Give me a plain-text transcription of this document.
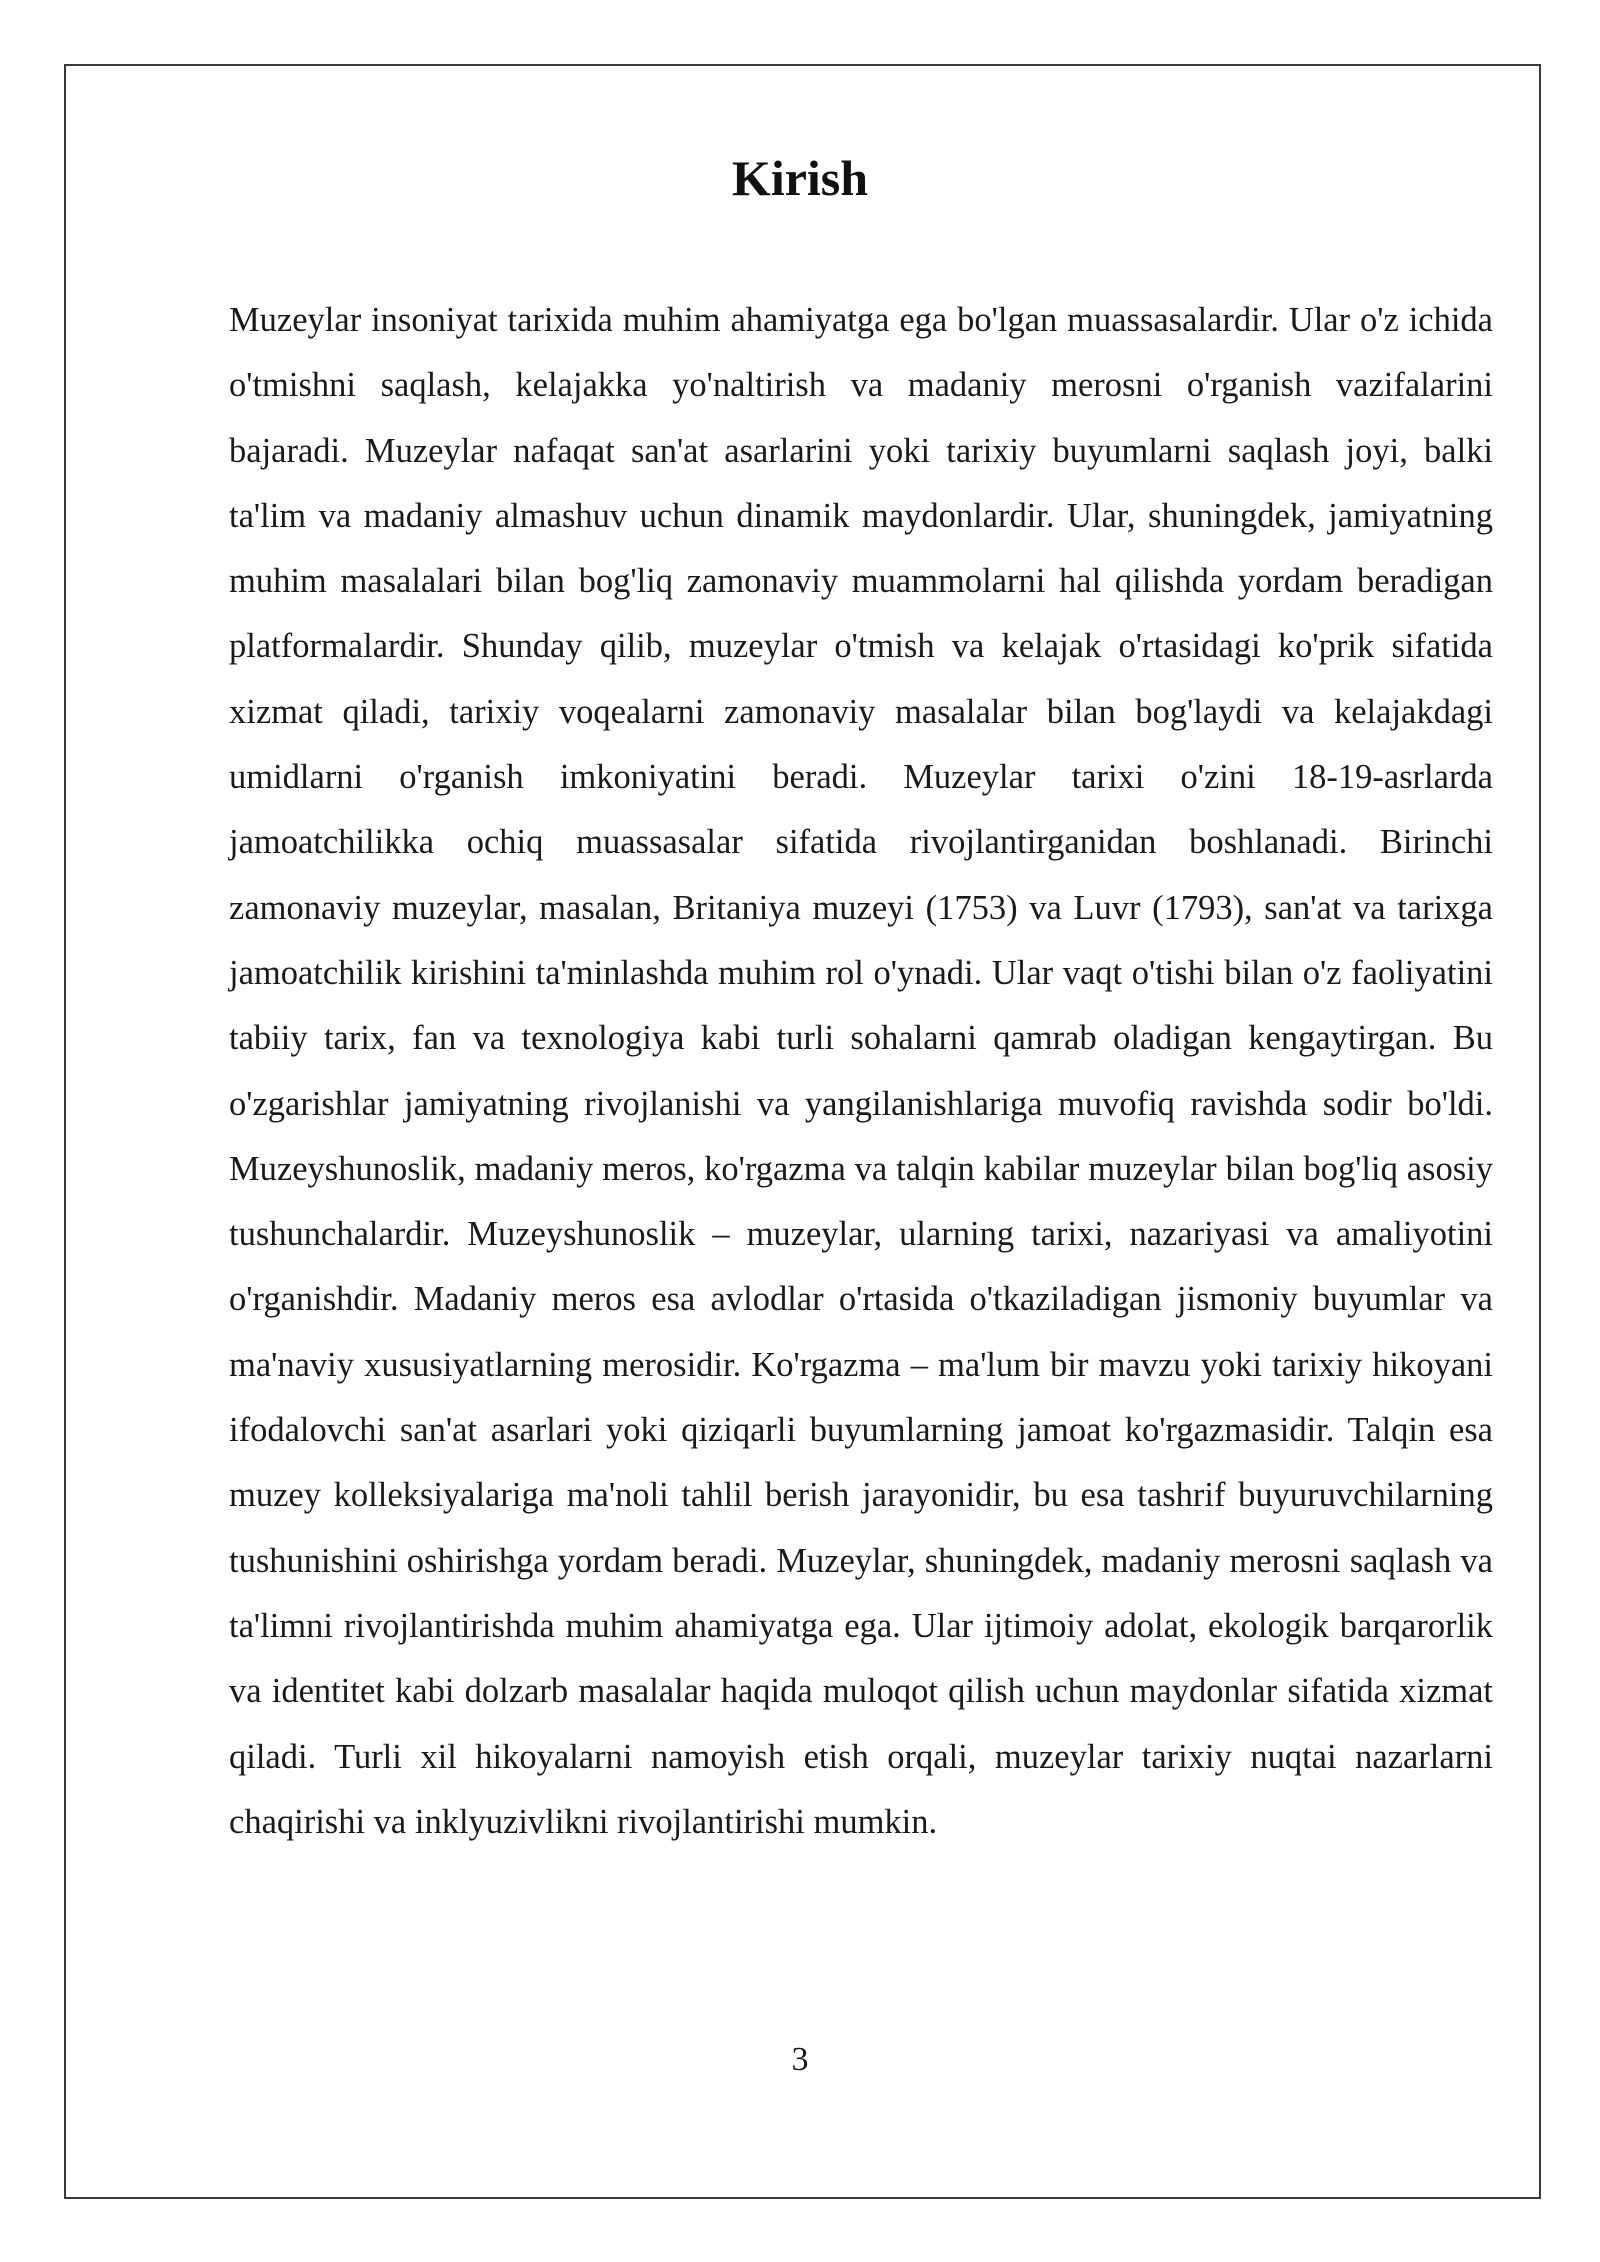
Kirish

Muzeylar insoniyat tarixida muhim ahamiyatga ega bo'lgan muassasalardir. Ular o'z ichida o'tmishni saqlash, kelajakka yo'naltirish va madaniy merosni o'rganish vazifalarini bajaradi. Muzeylar nafaqat san'at asarlarini yoki tarixiy buyumlarni saqlash joyi, balki ta'lim va madaniy almashuv uchun dinamik maydonlardir. Ular, shuningdek, jamiyatning muhim masalalari bilan bog'liq zamonaviy muammolarni hal qilishda yordam beradigan platformalardir. Shunday qilib, muzeylar o'tmish va kelajak o'rtasidagi ko'prik sifatida xizmat qiladi, tarixiy voqealarni zamonaviy masalalar bilan bog'laydi va kelajakdagi umidlarni o'rganish imkoniyatini beradi. Muzeylar tarixi o'zini 18-19-asrlarda jamoatchilikka ochiq muassasalar sifatida rivojlantirganidan boshlanadi. Birinchi zamonaviy muzeylar, masalan, Britaniya muzeyi (1753) va Luvr (1793), san'at va tarixga jamoatchilik kirishini ta'minlashda muhim rol o'ynadi. Ular vaqt o'tishi bilan o'z faoliyatini tabiiy tarix, fan va texnologiya kabi turli sohalarni qamrab oladigan kengaytirgan. Bu o'zgarishlar jamiyatning rivojlanishi va yangilanishlariga muvofiq ravishda sodir bo'ldi. Muzeyshunoslik, madaniy meros, ko'rgazma va talqin kabilar muzeylar bilan bog'liq asosiy tushunchalardir. Muzeyshunoslik – muzeylar, ularning tarixi, nazariyasi va amaliyotini o'rganishdir. Madaniy meros esa avlodlar o'rtasida o'tkaziladigan jismoniy buyumlar va ma'naviy xususiyatlarning merosidir. Ko'rgazma – ma'lum bir mavzu yoki tarixiy hikoyani ifodalovchi san'at asarlari yoki qiziqarli buyumlarning jamoat ko'rgazmasidir. Talqin esa muzey kolleksiyalariga ma'noli tahlil berish jarayonidir, bu esa tashrif buyuruvchilarning tushunishini oshirishga yordam beradi. Muzeylar, shuningdek, madaniy merosni saqlash va ta'limni rivojlantirishda muhim ahamiyatga ega. Ular ijtimoiy adolat, ekologik barqarorlik va identitet kabi dolzarb masalalar haqida muloqot qilish uchun maydonlar sifatida xizmat qiladi. Turli xil hikoyalarni namoyish etish orqali, muzeylar tarixiy nuqtai nazarlarni chaqirishi va inklyuzivlikni rivojlantirishi mumkin.

3
